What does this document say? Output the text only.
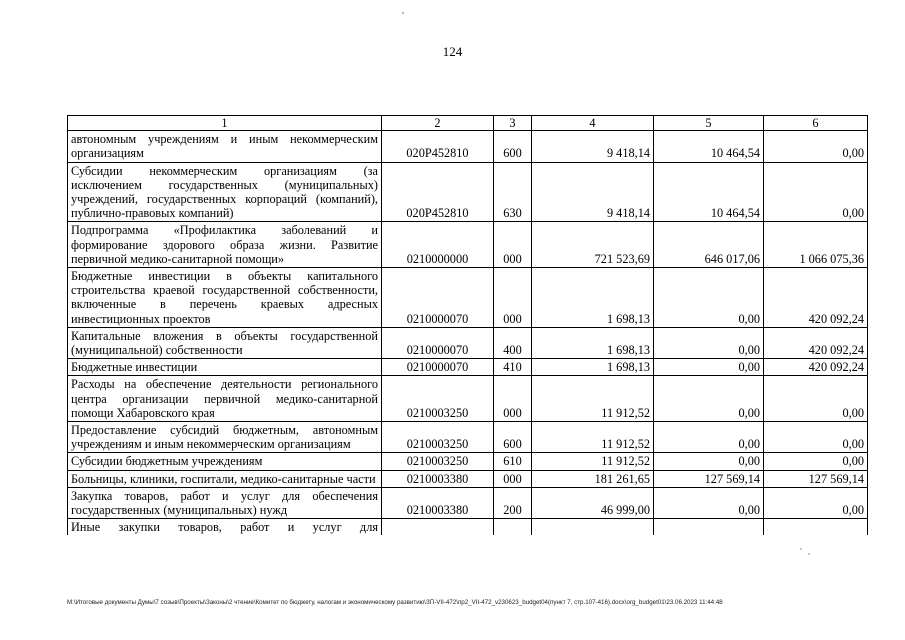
124
1	2	3	4	5	6
автономным учреждениям и иным некоммерческим организациям	020Р452810	600	9 418,14	10 464,54	0,00
Субсидии некоммерческим организациям (за исключением государственных (муниципальных) учреждений, государственных корпораций (компаний), публично-правовых компаний)	020Р452810	630	9 418,14	10 464,54	0,00
Подпрограмма «Профилактика заболеваний и формирование здорового образа жизни. Развитие первичной медико-санитарной помощи»	0210000000	000	721 523,69	646 017,06	1 066 075,36
Бюджетные инвестиции в объекты капитального строительства краевой государственной собственности, включенные в перечень краевых адресных инвестиционных проектов	0210000070	000	1 698,13	0,00	420 092,24
Капитальные вложения в объекты государственной (муниципальной) собственности	0210000070	400	1 698,13	0,00	420 092,24
Бюджетные инвестиции	0210000070	410	1 698,13	0,00	420 092,24
Расходы на обеспечение деятельности регионального центра организации первичной медико-санитарной помощи Хабаровского края	0210003250	000	11 912,52	0,00	0,00
Предоставление субсидий бюджетным, автономным учреждениям и иным некоммерческим организациям	0210003250	600	11 912,52	0,00	0,00
Субсидии бюджетным учреждениям	0210003250	610	11 912,52	0,00	0,00
Больницы, клиники, госпитали, медико-санитарные части	0210003380	000	181 261,65	127 569,14	127 569,14
Закупка товаров, работ и услуг для обеспечения государственных (муниципальных) нужд	0210003380	200	46 999,00	0,00	0,00
Иные закупки товаров, работ и услуг для					
M:\Итоговые документы Думы\7 созыв\Проекты\Законы\2 чтение\Комитет по бюджету, налогам и экономическому развитию\ЗП-VII-472\пр2_VII-472_v230623_budget04(пункт 7, стр.107-416).docx\org_budget01\23.06.2023 11:44:48
